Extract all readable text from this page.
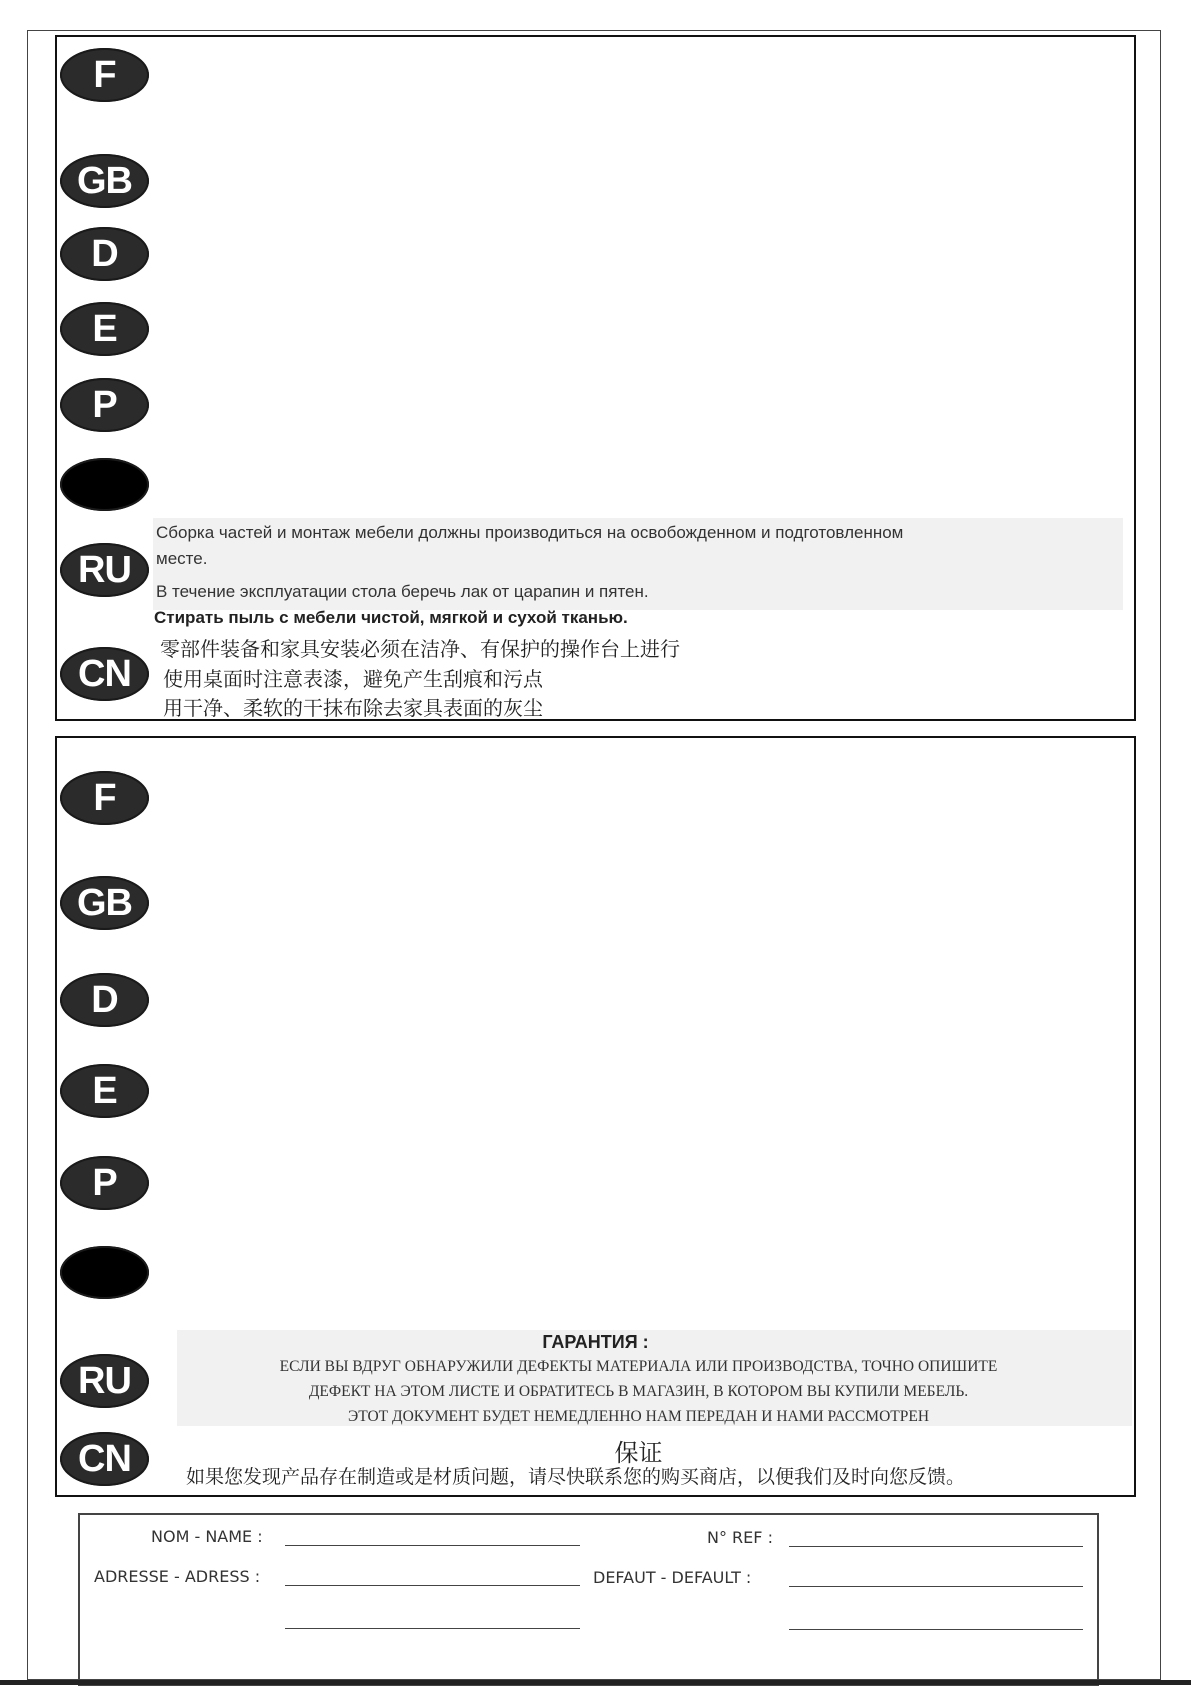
F
GB
D
E
P
RU
CN
Сборка частей и монтаж мебели должны производиться на освобожденном и подготовленном
месте.
В течение эксплуатации стола беречь лак от царапин и пятен.
Стирать пыль с мебели чистой, мягкой и сухой тканью.
零部件装备和家具安装必须在洁净、有保护的操作台上进行
使用桌面时注意表漆，避免产生刮痕和污点
用干净、柔软的干抹布除去家具表面的灰尘
F
GB
D
E
P
RU
CN
ГАРАНТИЯ :
ЕСЛИ ВЫ ВДРУГ ОБНАРУЖИЛИ ДЕФЕКТЫ МАТЕРИАЛА ИЛИ ПРОИЗВОДСТВА, ТОЧНО ОПИШИТЕ
ДЕФЕКТ НА ЭТОМ ЛИСТЕ И ОБРАТИТЕСЬ В МАГАЗИН, В КОТОРОМ ВЫ КУПИЛИ МЕБЕЛЬ.
ЭТОТ ДОКУМЕНТ БУДЕТ НЕМЕДЛЕННО НАМ ПЕРЕДАН И НАМИ РАССМОТРЕН
保证
如果您发现产品存在制造或是材质问题，请尽快联系您的购买商店，以便我们及时向您反馈。
NOM - NAME :	N° REF :
ADRESSE - ADRESS :	DEFAUT - DEFAULT :
